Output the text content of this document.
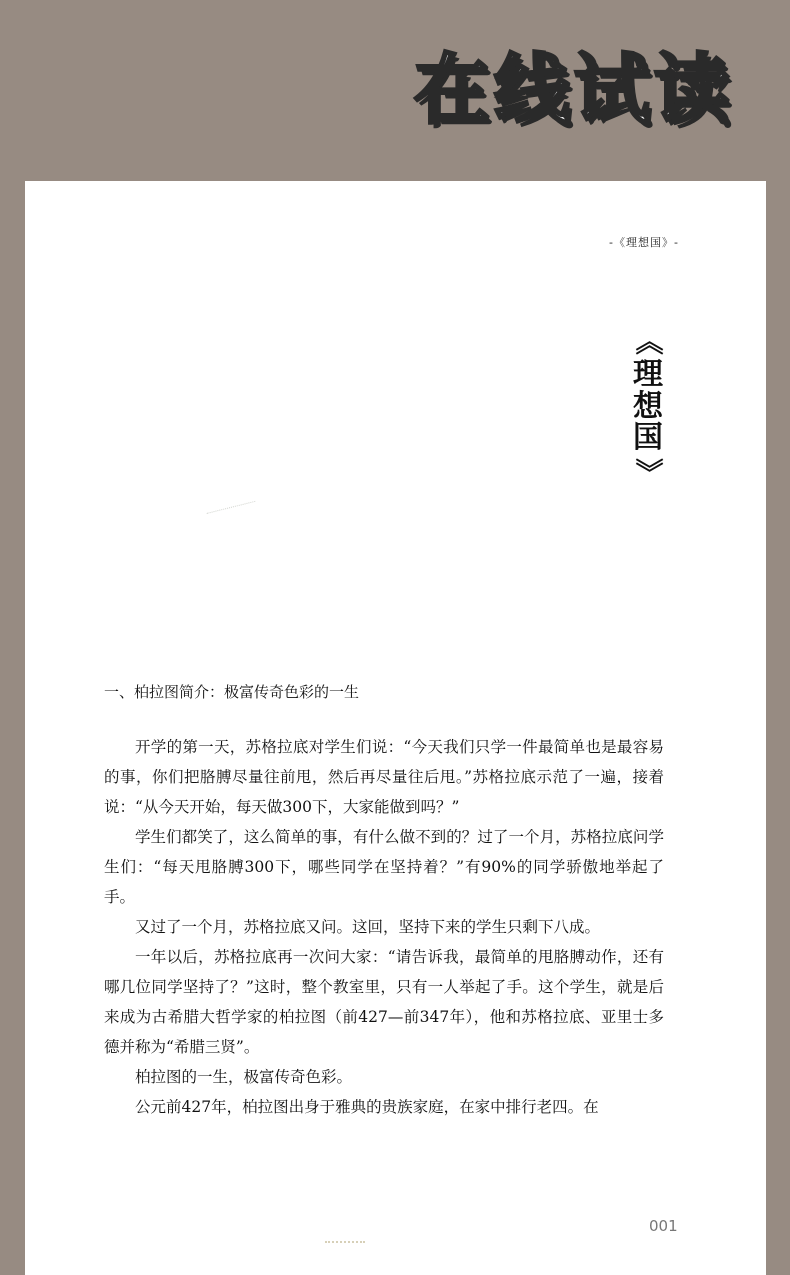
在线试读
-《理想国》-
《
理
想
国
》
一、柏拉图简介：极富传奇色彩的一生

开学的第一天，苏格拉底对学生们说：“今天我们只学一件最简单也是最容易的事，你们把胳膊尽量往前甩，然后再尽量往后甩。”苏格拉底示范了一遍，接着说：“从今天开始，每天做300下，大家能做到吗？”

学生们都笑了，这么简单的事，有什么做不到的？过了一个月，苏格拉底问学生们：“每天甩胳膊300下，哪些同学在坚持着？”有90%的同学骄傲地举起了手。

又过了一个月，苏格拉底又问。这回，坚持下来的学生只剩下八成。

一年以后，苏格拉底再一次问大家：“请告诉我，最简单的甩胳膊动作，还有哪几位同学坚持了？”这时，整个教室里，只有一人举起了手。这个学生，就是后来成为古希腊大哲学家的柏拉图（前427—前347年），他和苏格拉底、亚里士多德并称为“希腊三贤”。

柏拉图的一生，极富传奇色彩。

公元前427年，柏拉图出身于雅典的贵族家庭，在家中排行老四。在

001
